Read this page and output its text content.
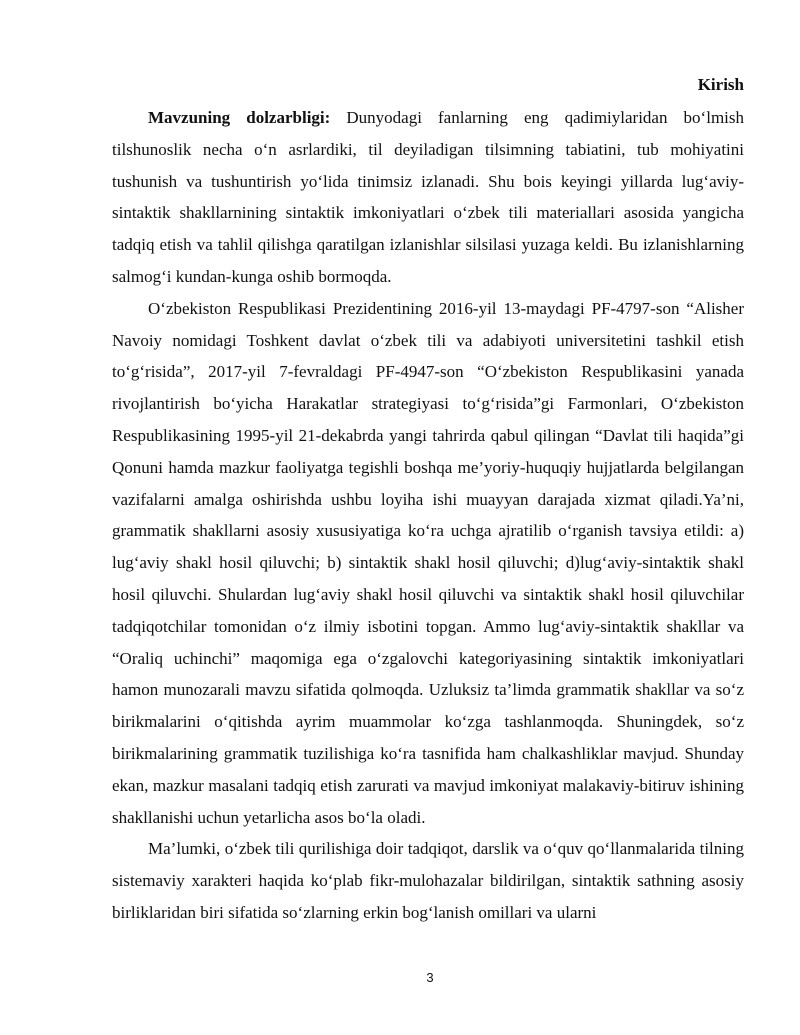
Kirish

Mavzuning dolzarbligi: Dunyodagi fanlarning eng qadimiylaridan bo‘lmish tilshunoslik necha o‘n asrlardiki, til deyiladigan tilsimning tabiatini, tub mohiyatini tushunish va tushuntirish yo‘lida tinimsiz izlanadi. Shu bois keyingi yillarda lug‘aviy-sintaktik shakllarnining sintaktik imkoniyatlari o‘zbek tili materiallari asosida yangicha tadqiq etish va tahlil qilishga qaratilgan izlanishlar silsilasi yuzaga keldi. Bu izlanishlarning salmog‘i kundan-kunga oshib bormoqda.

O‘zbekiston Respublikasi Prezidentining 2016-yil 13-maydagi PF-4797-son “Alisher Navoiy nomidagi Toshkent davlat o‘zbek tili va adabiyoti universitetini tashkil etish to‘g‘risida”, 2017-yil 7-fevraldagi PF-4947-son “O‘zbekiston Respublikasini yanada rivojlantirish bo‘yicha Harakatlar strategiyasi to‘g‘risida”gi Farmonlari, O‘zbekiston Respublikasining 1995-yil 21-dekabrda yangi tahrirda qabul qilingan “Davlat tili haqida”gi Qonuni hamda mazkur faoliyatga tegishli boshqa me’yoriy-huquqiy hujjatlarda belgilangan vazifalarni amalga oshirishda ushbu loyiha ishi muayyan darajada xizmat qiladi.Ya’ni, grammatik shakllarni asosiy xususiyatiga ko‘ra uchga ajratilib o‘rganish tavsiya etildi: a) lug‘aviy shakl hosil qiluvchi; b) sintaktik shakl hosil qiluvchi; d)lug‘aviy-sintaktik shakl hosil qiluvchi. Shulardan lug‘aviy shakl hosil qiluvchi va sintaktik shakl hosil qiluvchilar tadqiqotchilar tomonidan o‘z ilmiy isbotini topgan. Ammo lug‘aviy-sintaktik shakllar va “Oraliq uchinchi” maqomiga ega o‘zgalovchi kategoriyasining sintaktik imkoniyatlari hamon munozarali mavzu sifatida qolmoqda. Uzluksiz ta’limda grammatik shakllar va so‘z birikmalarini o‘qitishda ayrim muammolar ko‘zga tashlanmoqda. Shuningdek, so‘z birikmalarining grammatik tuzilishiga ko‘ra tasnifida ham chalkashliklar mavjud. Shunday ekan, mazkur masalani tadqiq etish zarurati va mavjud imkoniyat malakaviy-bitiruv ishining shakllanishi uchun yetarlicha asos bo‘la oladi.

Ma’lumki, o‘zbek tili qurilishiga doir tadqiqot, darslik va o‘quv qo‘llanmalarida tilning sistemaviy xarakteri haqida ko‘plab fikr-mulohazalar bildirilgan, sintaktik sathning asosiy birliklaridan biri sifatida so‘zlarning erkin bog‘lanish omillari va ularni

3
